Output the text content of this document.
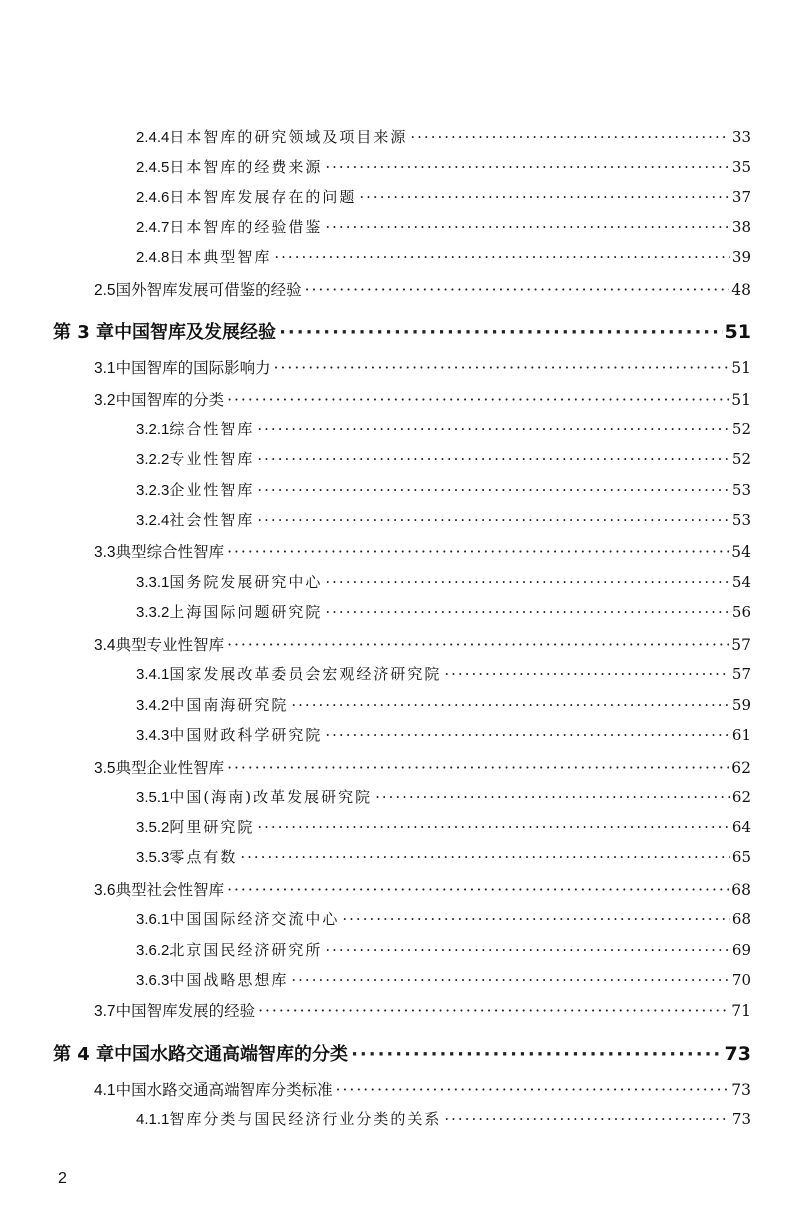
2.4.4 日本智库的研究领域及项目来源 ·····	33
2.4.5 日本智库的经费来源 ·····	35
2.4.6 日本智库发展存在的问题 ·····	37
2.4.7 日本智库的经验借鉴 ·····	38
2.4.8 日本典型智库 ·····	39
2.5 国外智库发展可借鉴的经验 ·····	48
第 3 章 中国智库及发展经验 ·····	51
3.1 中国智库的国际影响力 ·····	51
3.2 中国智库的分类 ·····	51
3.2.1 综合性智库 ·····	52
3.2.2 专业性智库 ·····	52
3.2.3 企业性智库 ·····	53
3.2.4 社会性智库 ·····	53
3.3 典型综合性智库 ·····	54
3.3.1 国务院发展研究中心 ·····	54
3.3.2 上海国际问题研究院 ·····	56
3.4 典型专业性智库 ·····	57
3.4.1 国家发展改革委员会宏观经济研究院 ·····	57
3.4.2 中国南海研究院 ·····	59
3.4.3 中国财政科学研究院 ·····	61
3.5 典型企业性智库 ·····	62
3.5.1 中国(海南)改革发展研究院 ·····	62
3.5.2 阿里研究院 ·····	64
3.5.3 零点有数 ·····	65
3.6 典型社会性智库 ·····	68
3.6.1 中国国际经济交流中心 ·····	68
3.6.2 北京国民经济研究所 ·····	69
3.6.3 中国战略思想库 ·····	70
3.7 中国智库发展的经验 ·····	71
第 4 章 中国水路交通高端智库的分类 ·····	73
4.1 中国水路交通高端智库分类标准 ·····	73
4.1.1 智库分类与国民经济行业分类的关系 ·····	73
2
